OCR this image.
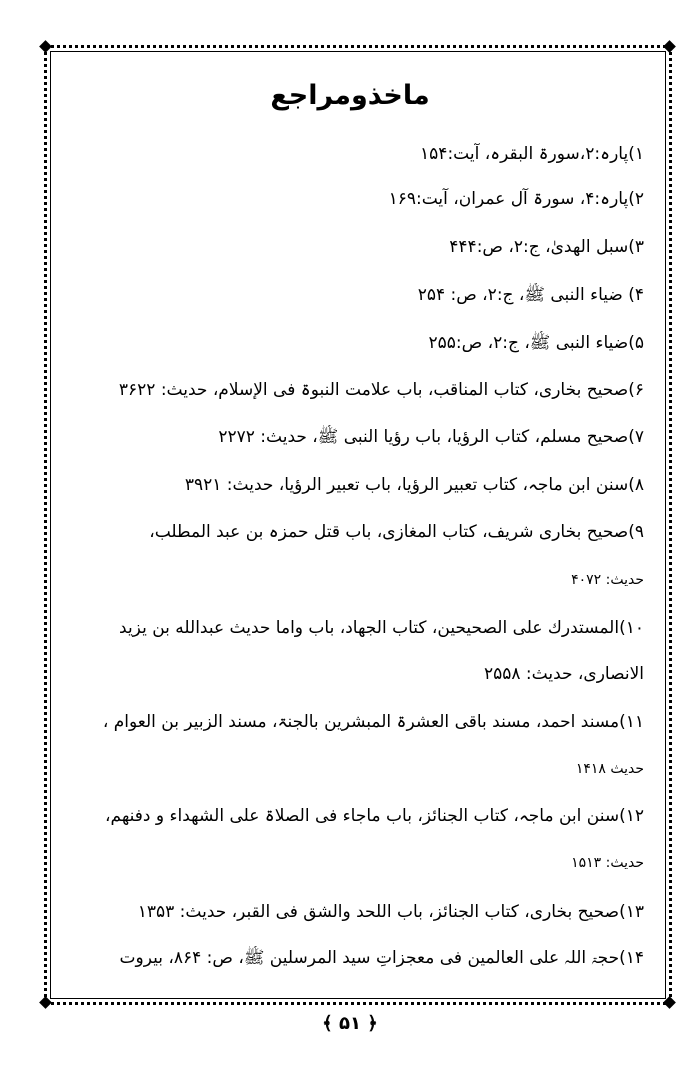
ماخذومراجع
۱)پارہ:۲،سورۃ البقرہ، آیت:۱۵۴
۲)پارہ:۴، سورۃ آل عمران، آیت:۱۶۹
۳)سبل الھدیٰ، ج:۲، ص:۴۴۴
۴) ضیاء النبی ﷺ، ج:۲، ص: ۲۵۴
۵)ضیاء النبی ﷺ، ج:۲، ص:۲۵۵
۶)صحیح بخاری، کتاب المناقب، باب علامت النبوۃ فی الإسلام، حدیث: ۳۶۲۲
۷)صحیح مسلم، کتاب الرؤیا، باب رؤیا النبی ﷺ، حدیث: ۲۲۷۲
۸)سنن ابن ماجہ، کتاب تعبیر الرؤیا، باب تعبیر الرؤیا، حدیث: ۳۹۲۱
۹)صحیح بخاری شریف، کتاب المغازی، باب قتل حمزہ بن عبد المطلب،
حدیث: ۴۰۷۲
۱۰)المستدرك على الصحيحين، كتاب الجهاد، باب واما حديث عبدالله بن يزيد
الانصاری، حدیث: ۲۵۵۸
۱۱)مسند احمد، مسند باقی العشرۃ المبشرین بالجنۃ، مسند الزبیر بن العوام ،
حدیث ۱۴۱۸
۱۲)سنن ابن ماجہ، کتاب الجنائز، باب ماجاء فی الصلاۃ علی الشهداء و دفنهم،
حدیث: ۱۵۱۳
۱۳)صحیح بخاری، کتاب الجنائز، باب اللحد والشق فی القبر، حدیث: ۱۳۵۳
۱۴)حجۃ اللہ علی العالمین فی معجزاتِ سید المرسلین ﷺ، ص: ۸۶۴، بیروت
﴿ ۵۱ ﴾
